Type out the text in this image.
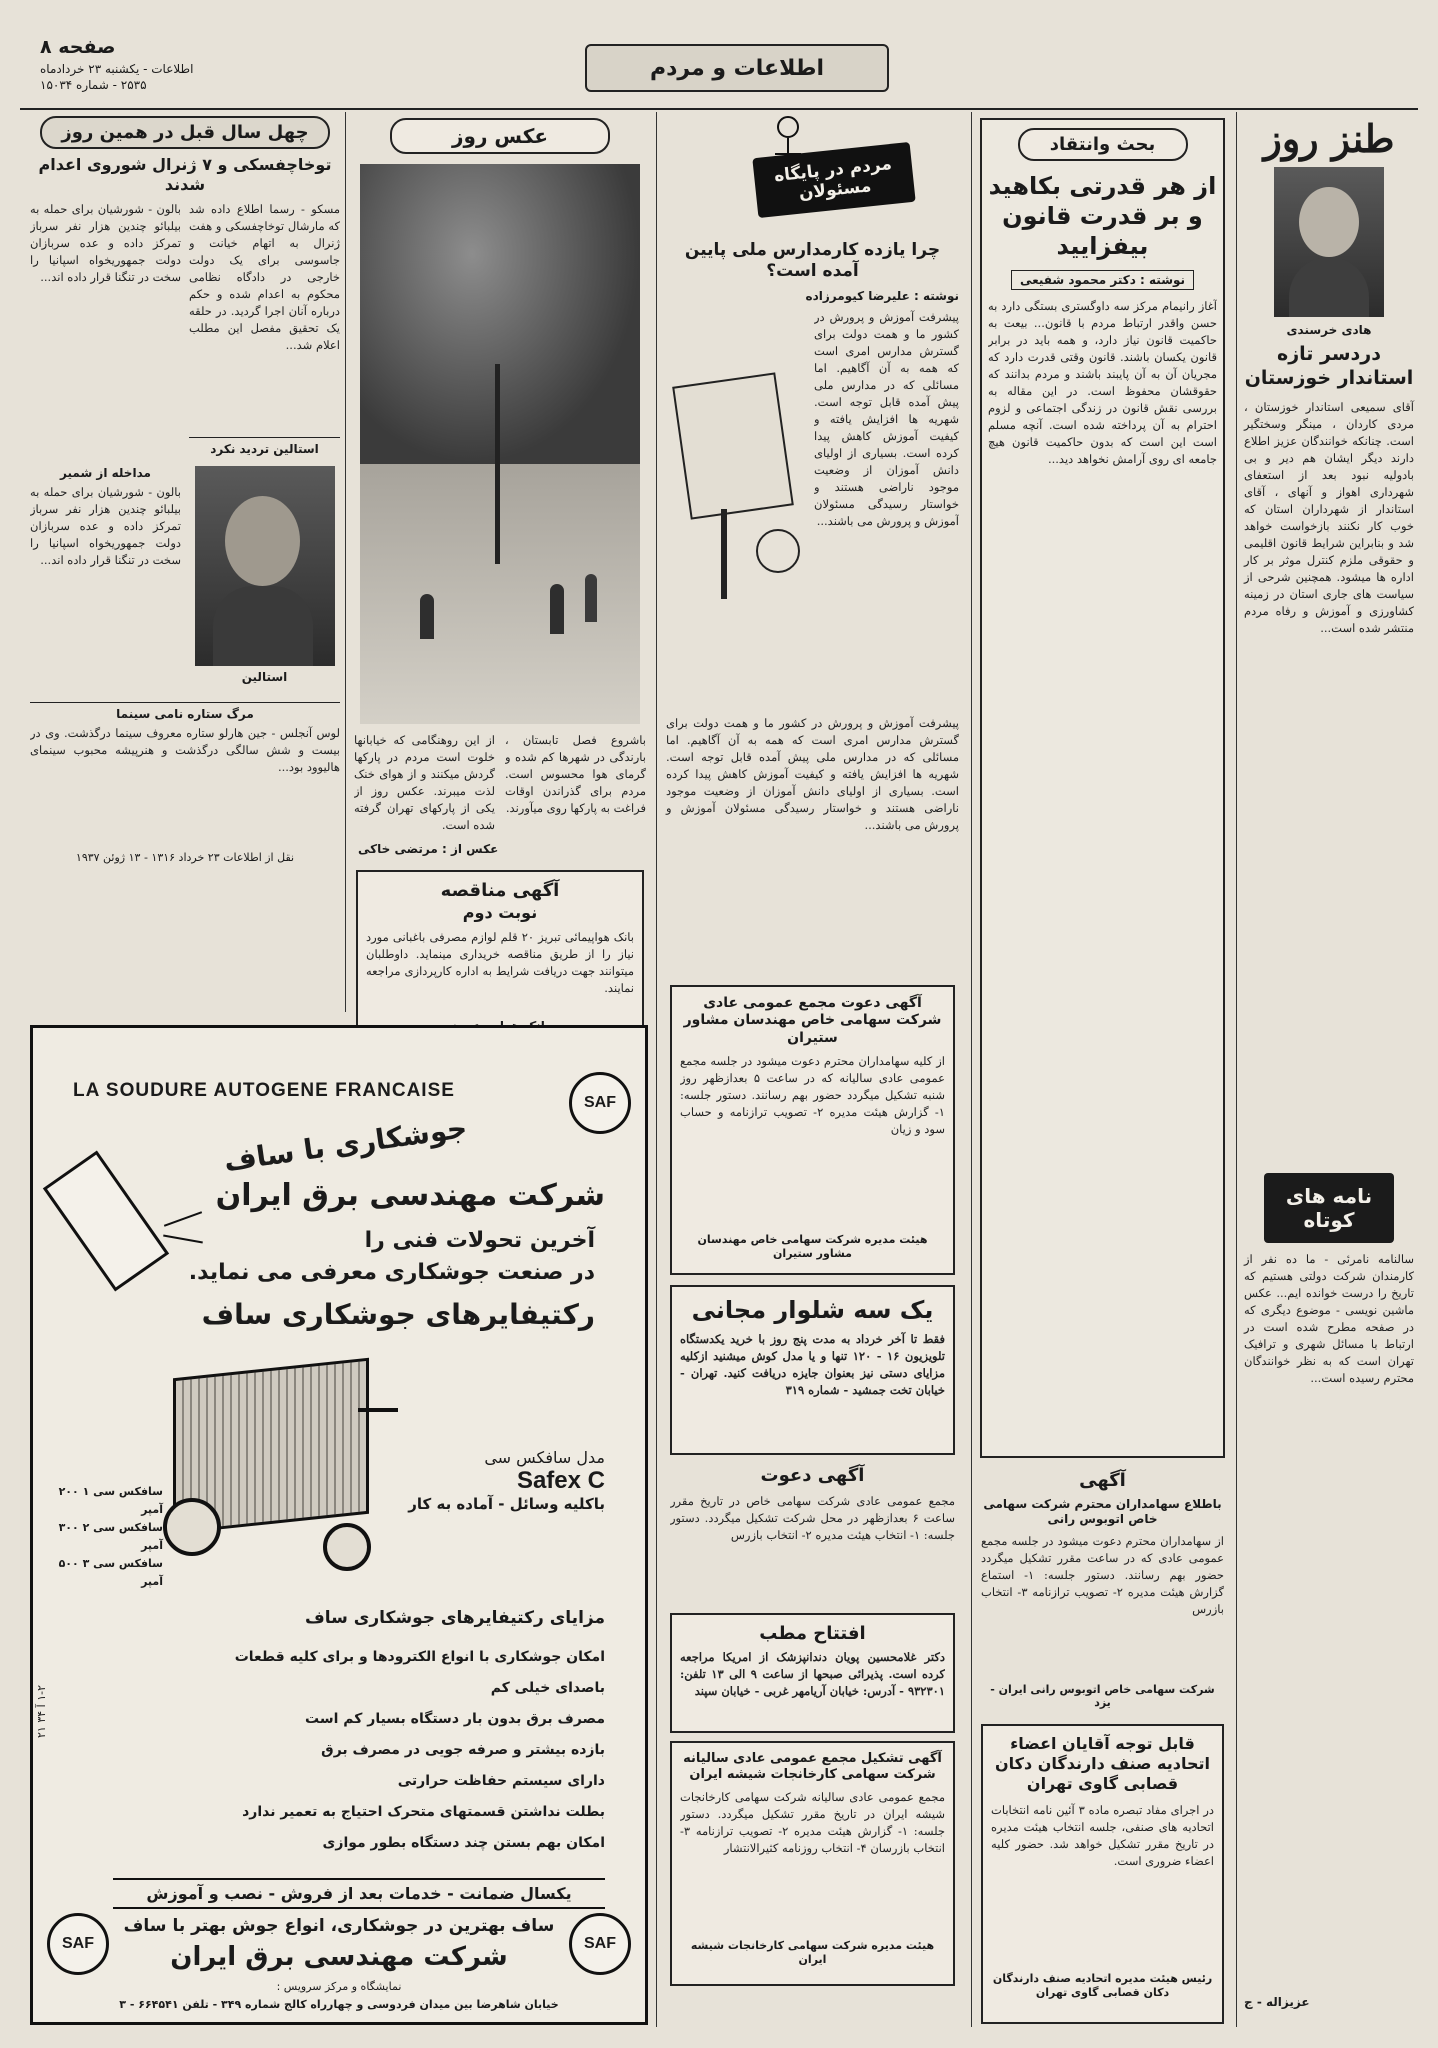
اطلاعات و مردم
صفحه ۸
اطلاعات - یکشنبه ۲۳ خردادماه
۲۵۳۵ - شماره ۱۵۰۳۴
طنز روز
هادی خرسندی
دردسر تازه استاندار خوزستان
آقای سمیعی استاندار خوزستان ، مردی کاردان ، مینگر وسختگیر است. چنانکه خوانندگان عزیز اطلاع دارند دیگر ایشان هم دیر و بی بادولیه نبود بعد از استعفای شهرداری اهواز و آنهای ، آقای استاندار از شهرداران استان که خوب کار نکنند بازخواست خواهد شد و بنابراین شرایط قانون اقلیمی و حقوقی ملزم کنترل موثر بر کار اداره ها میشود. همچنین شرحی از سیاست های جاری استان در زمینه کشاورزی و آموزش و رفاه مردم منتشر شده است...
نامه های کوتاه
سالنامه نامرئی - ما ده نفر از کارمندان شرکت دولتی هستیم که تاریخ را درست خوانده ایم... عکس ماشین نویسی - موضوع دیگری که در صفحه مطرح شده است در ارتباط با مسائل شهری و ترافیک تهران است که به نظر خوانندگان محترم رسیده است...
عزیزاله - ج
بحث وانتقاد
از هر قدرتی بکاهید و بر قدرت قانون بیفزایید
نوشته : دکتر محمود شفیعی
آغاز رانیمام مرکز سه داوگستری بستگی دارد به حسن واقدر ارتباط مردم با قانون... بیعت به حاکمیت قانون نیاز دارد، و همه باید در برابر قانون یکسان باشند. قانون وقتی قدرت دارد که مجریان آن به آن پایبند باشند و مردم بدانند که حقوقشان محفوظ است. در این مقاله به بررسی نقش قانون در زندگی اجتماعی و لزوم احترام به آن پرداخته شده است. آنچه مسلم است این است که بدون حاکمیت قانون هیچ جامعه ای روی آرامش نخواهد دید...
آگهی
باطلاع سهامداران محترم شرکت سهامی خاص اتوبوس رانی
از سهامداران محترم دعوت میشود در جلسه مجمع عمومی عادی که در ساعت مقرر تشکیل میگردد حضور بهم رسانند. دستور جلسه: ۱- استماع گزارش هیئت مدیره ۲- تصویب ترازنامه ۳- انتخاب بازرس
شرکت سهامی خاص اتوبوس رانی ایران - یزد
قابل توجه آقایان اعضاء اتحادیه صنف دارندگان دکان قصابی گاوی تهران
در اجرای مفاد تبصره ماده ۳ آئین نامه انتخابات اتحادیه های صنفی، جلسه انتخاب هیئت مدیره در تاریخ مقرر تشکیل خواهد شد. حضور کلیه اعضاء ضروری است.
رئیس هیئت مدیره اتحادیه صنف دارندگان دکان قصابی گاوی تهران
مردم در پایگاه مسئولان
چرا یازده کارمدارس ملی پایین آمده است؟
نوشته : علیرضا کیومرزاده
پیشرفت آموزش و پرورش در کشور ما و همت دولت برای گسترش مدارس امری است که همه به آن آگاهیم. اما مسائلی که در مدارس ملی پیش آمده قابل توجه است. شهریه ها افزایش یافته و کیفیت آموزش کاهش پیدا کرده است. بسیاری از اولیای دانش آموزان از وضعیت موجود ناراضی هستند و خواستار رسیدگی مسئولان آموزش و پرورش می باشند...
پیشرفت آموزش و پرورش در کشور ما و همت دولت برای گسترش مدارس امری است که همه به آن آگاهیم. اما مسائلی که در مدارس ملی پیش آمده قابل توجه است. شهریه ها افزایش یافته و کیفیت آموزش کاهش پیدا کرده است. بسیاری از اولیای دانش آموزان از وضعیت موجود ناراضی هستند و خواستار رسیدگی مسئولان آموزش و پرورش می باشند...
آگهی دعوت مجمع عمومی عادی شرکت سهامی خاص مهندسان مشاور ستیران
از کلیه سهامداران محترم دعوت میشود در جلسه مجمع عمومی عادی سالیانه که در ساعت ۵ بعدازظهر روز شنبه تشکیل میگردد حضور بهم رسانند. دستور جلسه: ۱- گزارش هیئت مدیره ۲- تصویب ترازنامه و حساب سود و زیان
هیئت مدیره شرکت سهامی خاص مهندسان مشاور ستیران
یک سه شلوار مجانی
فقط تا آخر خرداد به مدت پنج روز با خرید یکدستگاه تلویزیون ۱۶ - ۱۲۰ تنها و یا مدل کوش میشنید ازکلیه مزایای دستی نیز بعنوان جایزه دریافت کنید. تهران - خیابان تخت جمشید - شماره ۳۱۹
آگهی دعوت
مجمع عمومی عادی شرکت سهامی خاص در تاریخ مقرر ساعت ۶ بعدازظهر در محل شرکت تشکیل میگردد. دستور جلسه: ۱- انتخاب هیئت مدیره ۲- انتخاب بازرس
افتتاح مطب
دکتر غلامحسین پویان دندانپزشک از امریکا مراجعه کرده است. پذیرائی صبحها از ساعت ۹ الی ۱۳ تلفن: ۹۳۲۳۰۱ - آدرس: خیابان آریامهر غربی - خیابان سپند
آگهی تشکیل مجمع عمومی عادی سالیانه شرکت سهامی کارخانجات شیشه ایران
مجمع عمومی عادی سالیانه شرکت سهامی کارخانجات شیشه ایران در تاریخ مقرر تشکیل میگردد. دستور جلسه: ۱- گزارش هیئت مدیره ۲- تصویب ترازنامه ۳- انتخاب بازرسان ۴- انتخاب روزنامه کثیرالانتشار
هیئت مدیره شرکت سهامی کارخانجات شیشه ایران
عکس روز
باشروع فصل تابستان ، بارندگی در شهرها کم شده و گرمای هوا محسوس است. مردم برای گذراندن اوقات فراغت به پارکها روی میآورند.
از این روهنگامی که خیابانها خلوت است مردم در پارکها گردش میکنند و از هوای خنک لذت میبرند. عکس روز از یکی از پارکهای تهران گرفته شده است.
عکس از : مرتضی خاکی
آگهی مناقصه
نوبت دوم
بانک هواپیمائی تبریز ۲۰ قلم لوازم مصرفی باغبانی مورد نیاز را از طریق مناقصه خریداری مینماید. داوطلبان میتوانند جهت دریافت شرایط به اداره کارپردازی مراجعه نمایند.
چهل سال قبل در همین روز
توخاچفسکی و ۷ ژنرال شوروی اعدام شدند
مسکو - رسما اطلاع داده شد که مارشال توخاچفسکی و هفت ژنرال به اتهام خیانت و جاسوسی برای یک دولت خارجی در دادگاه نظامی محکوم به اعدام شده و حکم درباره آنان اجرا گردید. در حلقه یک تحقیق مفصل این مطلب اعلام شد...
استالین ترديد نكرد
بالون - شورشیان برای حمله به بیلبائو چندین هزار نفر سرباز تمرکز داده و عده سربازان دولت جمهوریخواه اسپانیا را سخت در تنگنا قرار داده اند...
استالین
مداخله از شمیر
بالون - شورشیان برای حمله به بیلبائو چندین هزار نفر سرباز تمرکز داده و عده سربازان دولت جمهوریخواه اسپانیا را سخت در تنگنا قرار داده اند...
مرگ ستاره نامی سینما
لوس آنجلس - جین هارلو ستاره معروف سینما درگذشت. وی در بیست و شش سالگی درگذشت و هنرپیشه محبوب سینمای هالیوود بود...
نقل از اطلاعات ۲۳ خرداد ۱۳۱۶ - ۱۳ ژوئن ۱۹۳۷
SAF
LA SOUDURE AUTOGENE FRANCAISE
جوشکاری با ساف
شرکت مهندسی برق ایران
آخرین تحولات فنی را
در صنعت جوشکاری معرفی می نماید.
رکتیفایرهای جوشکاری ساف
مدل سافکس سی
Safex C
باکلیه وسائل - آماده به کار
سافکس سی ۱ ۲۰۰ آمپر
سافکس سی ۲ ۳۰۰ آمپر
سافکس سی ۳ ۵۰۰ آمپر
مزایای رکتیفایرهای جوشکاری ساف
امکان جوشکاری با انواع الکترودها و برای کلیه قطعات
باصدای خیلی کم
مصرف برق بدون بار دستگاه بسیار کم است
بازده بیشتر و صرفه جویی در مصرف برق
دارای سیستم حفاظت حرارتی
بطلت نداشتن قسمتهای متحرک احتیاج به تعمیر ندارد
امکان بهم بستن چند دستگاه بطور موازی
۱-۲ آ ۳۴ ۲۱
یکسال ضمانت - خدمات بعد از فروش - نصب و آموزش
SAF
SAF
ساف بهترین در جوشکاری، انواع جوش بهتر با ساف
شرکت مهندسی برق ایران
نمایشگاه و مرکز سرویس :
خیابان شاهرضا بین میدان فردوسی و چهارراه کالج شماره ۳۴۹ - تلفن ۶۶۴۵۴۱ - ۳
